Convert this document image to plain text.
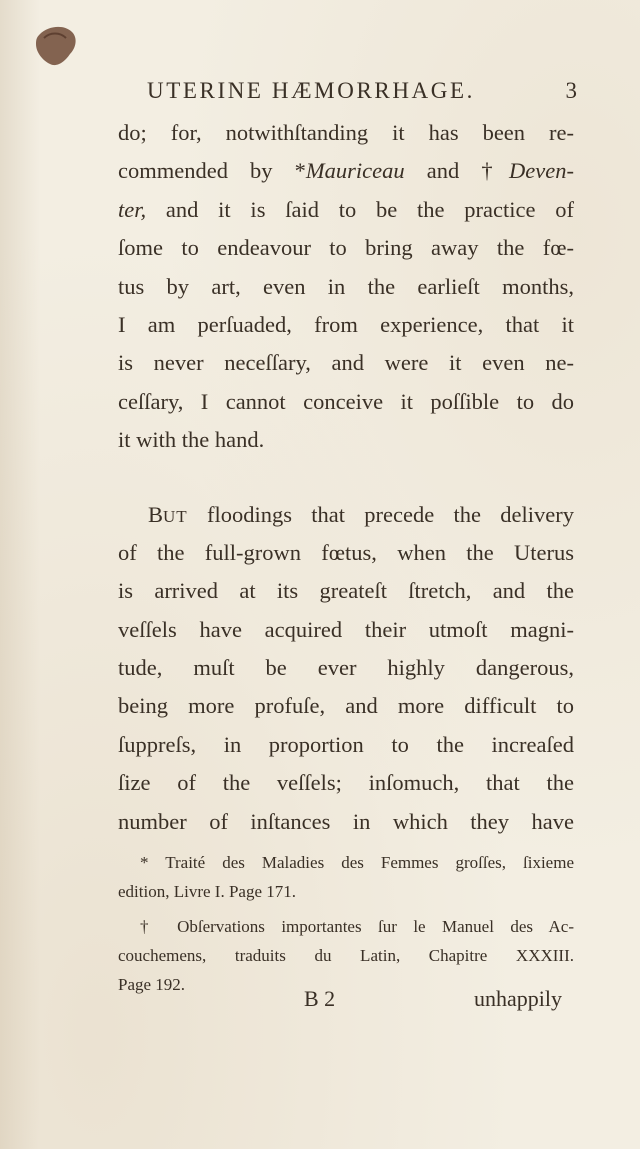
UTERINE HÆMORRHAGE.	3
do; for, notwithſtanding it has been re-
commended by *Mauriceau and †Deven-
ter, and it is ſaid to be the practice of
ſome to endeavour to bring away the fœ-
tus by art, even in the earlieſt months,
I am perſuaded, from experience, that it
is never neceſſary, and were it even ne-
ceſſary, I cannot conceive it poſſible to do
it with the hand.
BUT floodings that precede the delivery
of the full-grown fœtus, when the Uterus
is arrived at its greateſt ſtretch, and the
veſſels have acquired their utmoſt magni-
tude, muſt be ever highly dangerous,
being more profuſe, and more difficult to
ſuppreſs, in proportion to the increaſed
ſize of the veſſels; inſomuch, that the
number of inſtances in which they have
* Traité des Maladies des Femmes groſſes, ſixieme
edition, Livre I. Page 171.
† Obſervations importantes ſur le Manuel des Ac-
couchemens, traduits du Latin, Chapitre XXXIII.
Page 192.
B 2	unhappily
